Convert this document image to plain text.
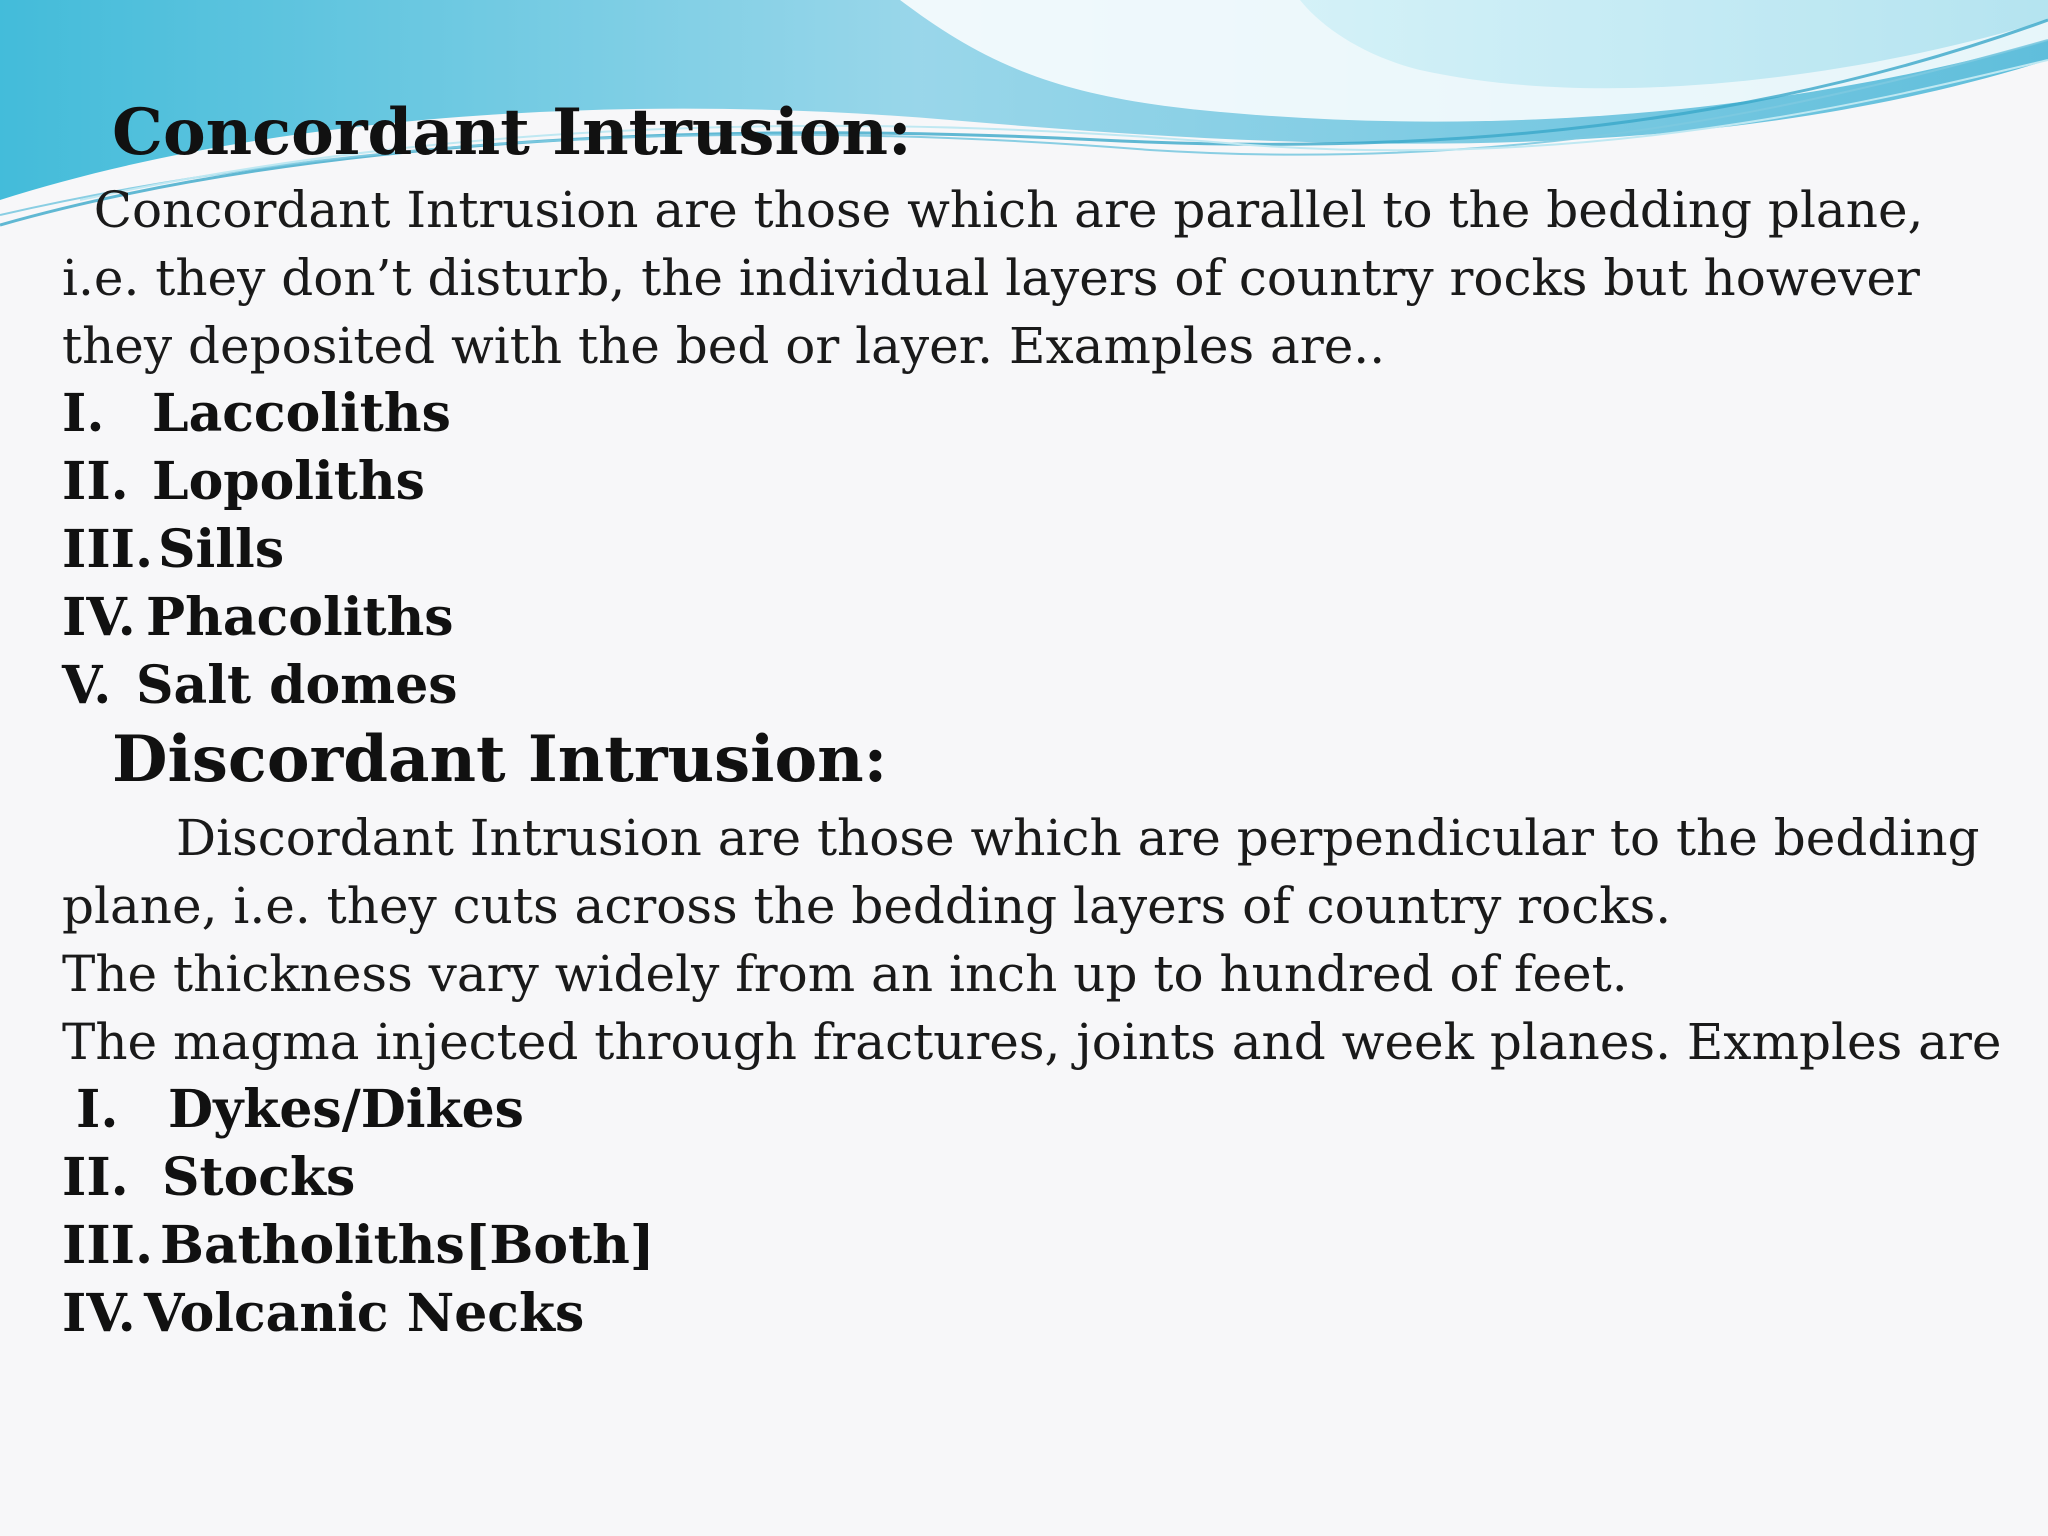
Concordant Intrusion:
Concordant Intrusion are those which are parallel to the bedding plane,
i.e. they don’t disturb, the individual layers of country rocks but however
they deposited with the bed or layer. Examples are..
I. Laccoliths
II. Lopoliths
III.Sills
IV. Phacoliths
V. Salt domes
Discordant Intrusion:
Discordant Intrusion are those which are perpendicular to the bedding
plane, i.e. they cuts across the bedding layers of country rocks.
The thickness vary widely from an inch up to hundred of feet.
The magma injected through fractures, joints and week planes. Exmples are
I. Dykes/Dikes
II. Stocks
III. Batholiths[Both]
IV. Volcanic Necks
